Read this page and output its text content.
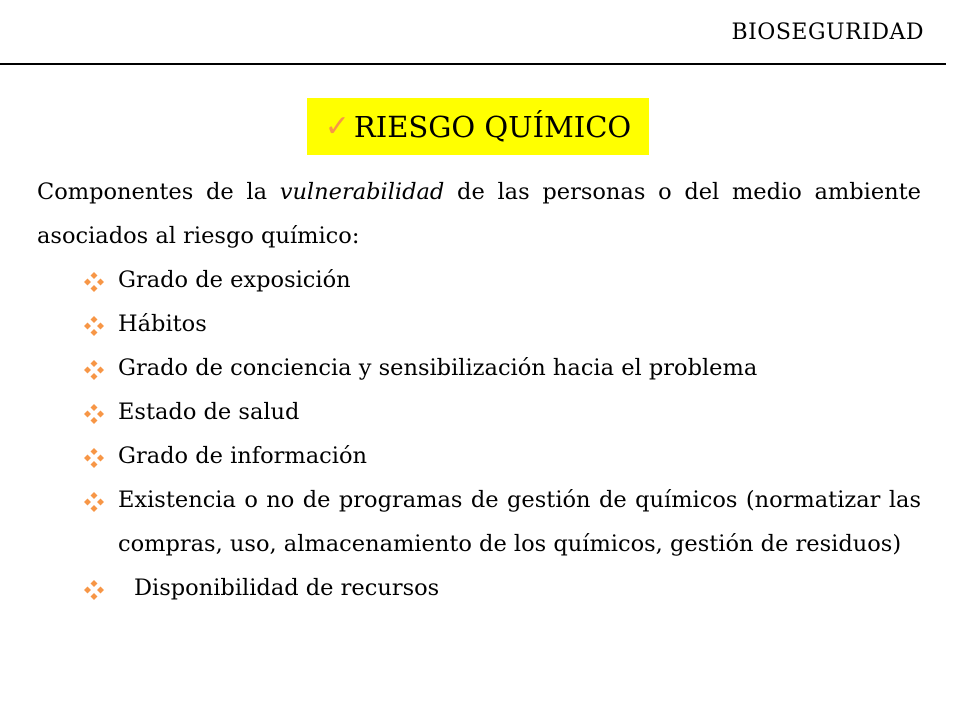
BIOSEGURIDAD
✓ RIESGO QUÍMICO

Componentes de la vulnerabilidad de las personas o del medio ambiente asociados al riesgo químico:

Grado de exposición
Hábitos
Grado de conciencia y sensibilización hacia el problema
Estado de salud
Grado de información
Existencia o no de programas de gestión de químicos (normatizar las compras, uso, almacenamiento de los químicos, gestión de residuos)
Disponibilidad de recursos
